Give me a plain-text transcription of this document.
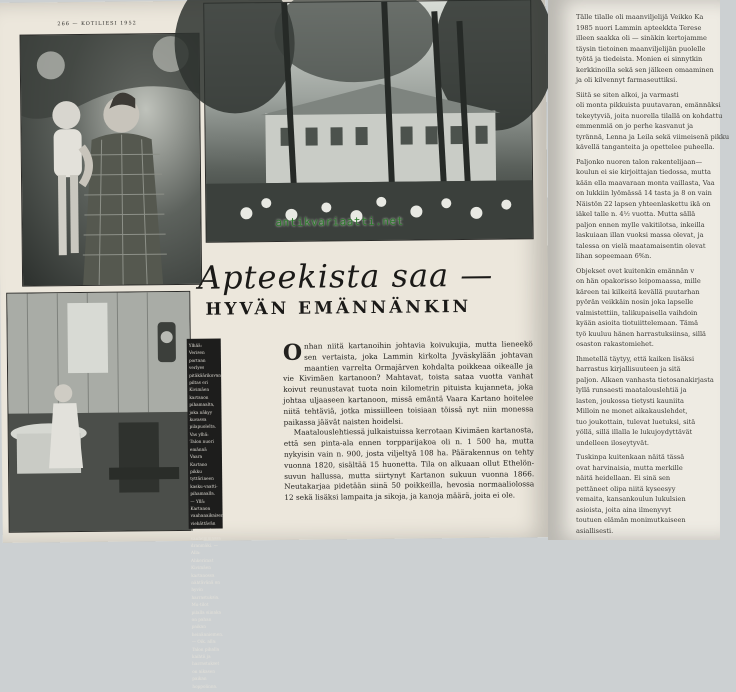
266 — KOTILIESI 1952
antikvariaatti.net
Apteekista saa —
HYVÄN EMÄNNÄNKIN
Ylhää: Verisen portaan verlyes pitäkäärikuvan piltas eri Kivimäen kartanon pihamaalta, joka näkyy kuvassa pilapuolelta. Vas ylhä: Talon nuori emännä Vaara Kartano pikku tyttärineen kasku-vaatti-pihamaalla. — Yllä: Kartanon vanhanaikaisen viehättävän salin puolesta vanhemmassa dranmäki. — Alla: Ahkerimat Kivimäen kartanossa nähtävänä on hyvin harrastuksia. Mu-tilot pilalla siinaka on pahan paikan heinänniemen. — Oik. alla: Talon pihalla kaihtii ja harrastukset on aikasen paikan hoppolinna.
O nhan niitä kartanoihin johtavia koivukujia, mutta lieneekö sen vertaista, joka Lammin kirkolta Jyväskylään johtavan maantien varrelta Ormajärven kohdalta poikkeaa oikealle ja vie Kivimäen kartanoon? Mahtavat, toista sataa vuotta vanhat koivut reunustavat tuota noin kilometrin pituista kujanneta, joka johtaa uljaaseen kartanoon, missä emäntä Vaara Kartano hoitelee niitä tehtäviä, jotka missiilleen toisiaan töissä nyt niin monessa paikassa jäävät naisten hoidelsi.
Maatalouslehtiessä julkaistuissa kerrotaan Kivimäen kartanosta, että sen pinta-ala ennen torpparijakoa oli n. 1 500 ha, mutta nykyisin vain n. 900, josta viljeltyä 108 ha. Päärakennus on tehty vuonna 1820, sisältää 15 huonetta. Tila on alkuaan ollut Ethelön-suvun hallussa, mutta siirtynyt Kartanon sukuun vuonna 1866. Neutakarjaa pidetään siinä 50 poikkeilla, hevosia normaaliolossa 12 sekä lisäksi lampaita ja sikoja, ja kanoja määrä, joita ei ole.

Tälle tilalle oli maanviljelijä Veikko Ka
1985 nuori Lammin apteekkta Terese
illeen saakka oli — sinäkin kertojamme
täysin tietoinen maanviljelijän puolelle
työtä ja tiedeista. Monien ei sinnytkin
kerkkinoilla sekä sen jälkeen omaaminen
ja oli kilvennyt farmaseuttiksi.

Siitä se siten alkoi, ja varmasti
oli monta pikkuista puutavaran, emännäksi
tekeytyviä, joita nuorella tilallä on kohdattu
emmenmiä on jo perhe kasvanut ja
tyrännä, Lenna ja Leila sekä viimeisenä pikku
kävellä tanganteita ja opettelee puheella.

Paljonko nuoren talon rakentelijaan—
koulun ei sie kirjoittajan tiedossa, mutta
kään ella maavaraan monta vaillasta, Vaa
on lukkiin lyömässä 14 tasta ja 8 on vain
Näistön 22 lapsen yhteenlaskettu ikä on
iäkel talle n. 4½ vuotta. Mutta sällä
paljon ennen mylle vakitilotsa, inkeilla
laskuiaan illan vuoksi massa olevat, ja
talessa on vielä maatamaisentin olevat
lihan sopeemaan 6%n.

Objekset ovet kuitenkin emännän v
on hän opakorisso leipomaassa, mille
käreen tai kilkeitä kevällä puutarhan
pyörän veikkäin nosin joka lapselle
valmistettiin, talikupaisella vaihdoin
kyään asioita tiotuiittelemaan. Tämä
työ kuuluu hänen harrastuksiinsa, sillä
osaston rakastomiehet.

Ihmetellä täytyy, että kaiken lisäksi
harrastus kirjallisuuteen ja sitä
paljon. Alkaen vanhasta tietosanakirjasta
lyllä runsaesti maatalouslehtiä ja
lasten, joukossa tietysti kauniita
Milloin ne monet aikakauslehdet,
tuo joukottain, tulevat luetuksi, sitä
yöllä, sillä illalla le lukujoydyttävät
undelleen iloseytyvät.

Tuskinpa kuitenkaan näitä tässä
ovat harvinaisia, mutta merkille
näitä heidellaan. Ei sinä sen
pettäneet olipa niitä kyseesyy
vemaita, kansankoulun lukulsien
asioista, joita aina ilmenyvyt
toutuen elämän monimutkaiseen
asiallisesti.
